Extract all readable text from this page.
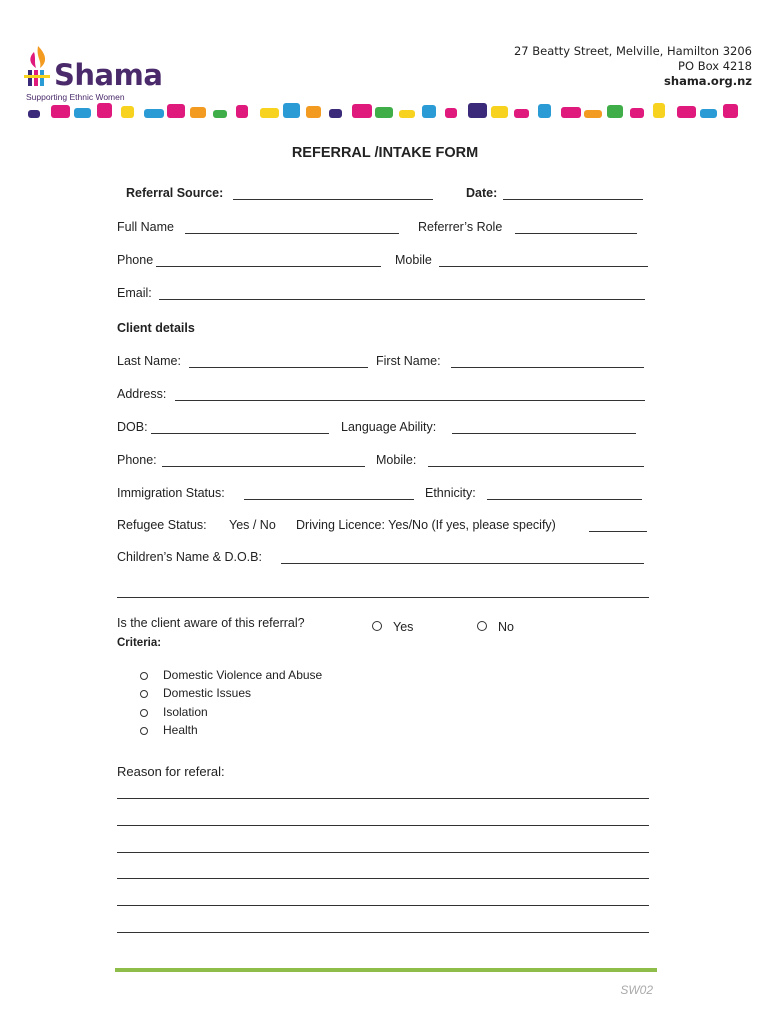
Shama
Supporting Ethnic Women
27 Beatty Street, Melville, Hamilton 3206
PO Box 4218
shama.org.nz
REFERRAL /INTAKE FORM
Referral Source:	Date:
Full Name	Referrer’s Role
Phone	Mobile
Email:
Client details
Last Name:	First Name:
Address:
DOB:	Language Ability:
Phone:	Mobile:
Immigration Status:	Ethnicity:
Refugee Status: Yes / No Driving Licence: Yes/No (If yes, please specify)
Children’s Name & D.O.B:
Is the client aware of this referral?	Yes	No
Criteria:
Domestic Violence and Abuse
Domestic Issues
Isolation
Health
Reason for referal:
SW02
